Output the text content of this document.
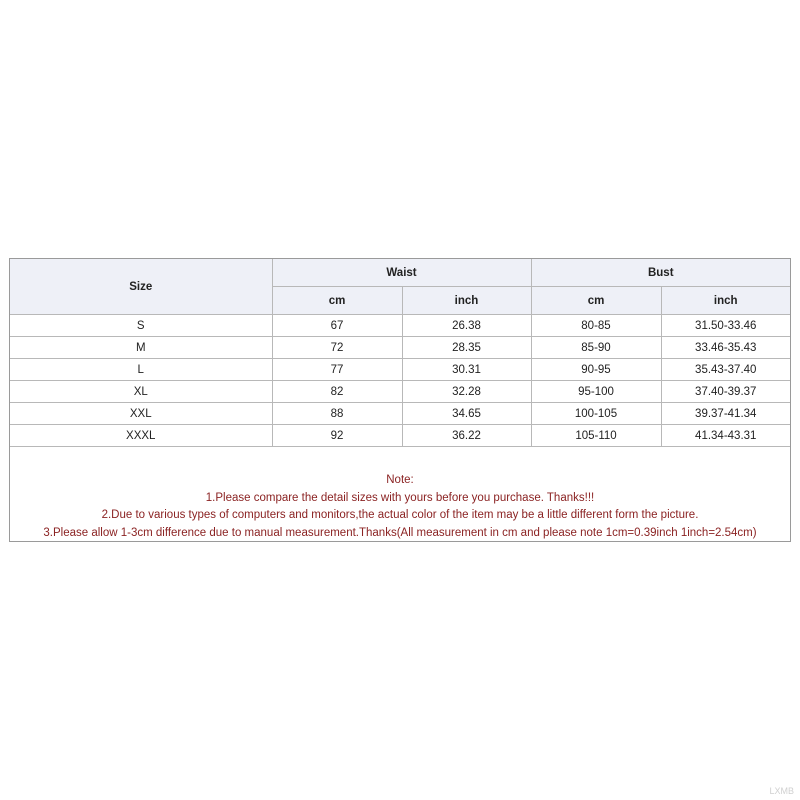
Size	Waist		Bust	
	cm	inch	cm	inch
S	67	26.38	80-85	31.50-33.46
M	72	28.35	85-90	33.46-35.43
L	77	30.31	90-95	35.43-37.40
XL	82	32.28	95-100	37.40-39.37
XXL	88	34.65	100-105	39.37-41.34
XXXL	92	36.22	105-110	41.34-43.31
Note:
1.Please compare the detail sizes with yours before you purchase. Thanks!!!
2.Due to various types of computers and monitors,the actual color of the item may be a little different form the picture.
3.Please allow 1-3cm difference due to manual measurement.Thanks(All measurement in cm and please note 1cm=0.39inch 1inch=2.54cm)
LXMB
